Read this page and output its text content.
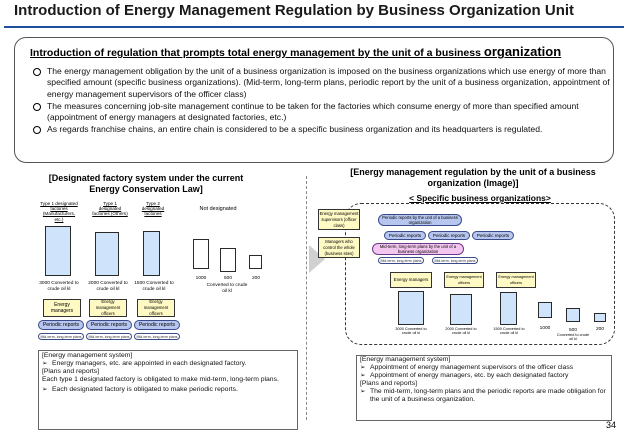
Introduction of Energy Management Regulation by Business Organization Unit
Introduction of regulation that prompts total energy management by the unit of a business organization
The energy management obligation by the unit of a business organization is imposed on the business organizations which use energy of more than specified amount (specific business organizations). (Mid-term, long-term plans, periodic report by the unit of a business organization, appointment of energy management supervisors of the officer class)
The measures concerning job-site management continue to be taken for the factories which consume energy of more than specified amount (appointment of energy managers at designated factories, etc.)
As regards franchise chains, an entire chain is considered to be a specific business organization and its headquarters is regulated.
[Designated factory system under the current Energy Conservation Law]
Type 1 designated factories (Manufacturers, etc.)
Type 1 designated factories (Others)
Type 2 designated factories
Not designated
3000 Converted to crude oil kl
2000 Converted to crude oil kl
1500 Converted to crude oil kl
1000	500	200
Converted to crude oil kl
Energy managers
Energy management officers
Energy management officers
Periodic reports	Periodic reports	Periodic reports
Mid-term, long-term plans	Mid-term, long-term plans	Mid-term, long-term plans

[Energy management system]

➢ Energy managers, etc. are appointed in each designated factory.

[Plans and reports]

Each type 1 designated factory is obligated to make mid-term, long-term plans.

➢ Each designated factory is obligated to make periodic reports.

[Energy management regulation by the unit of a business organization (Image)]
< Specific business organizations>
Energy management supervisors (officer class)
Managers who control the whole (business sites)
Periodic reports by the unit of a business organization
Periodic reports	Periodic reports	Periodic reports
Mid-term, long-term plans by the unit of a business organization
Mid-term, long-term plans	Mid-term, long-term plans
Energy managers	Energy management officers
Energy management officers
3000 Converted to crude oil kl
2000 Converted to crude oil kl
1500 Converted to crude oil kl
1000	500	200
Converted to crude oil kl

[Energy management system]

➢ Appointment of energy management supervisors of the officer class

➢ Appointment of energy managers, etc. by each designated factory

[Plans and reports]

➢ The mid-term, long-term plans and the periodic reports are made obligation for the unit of a business organization.

34
